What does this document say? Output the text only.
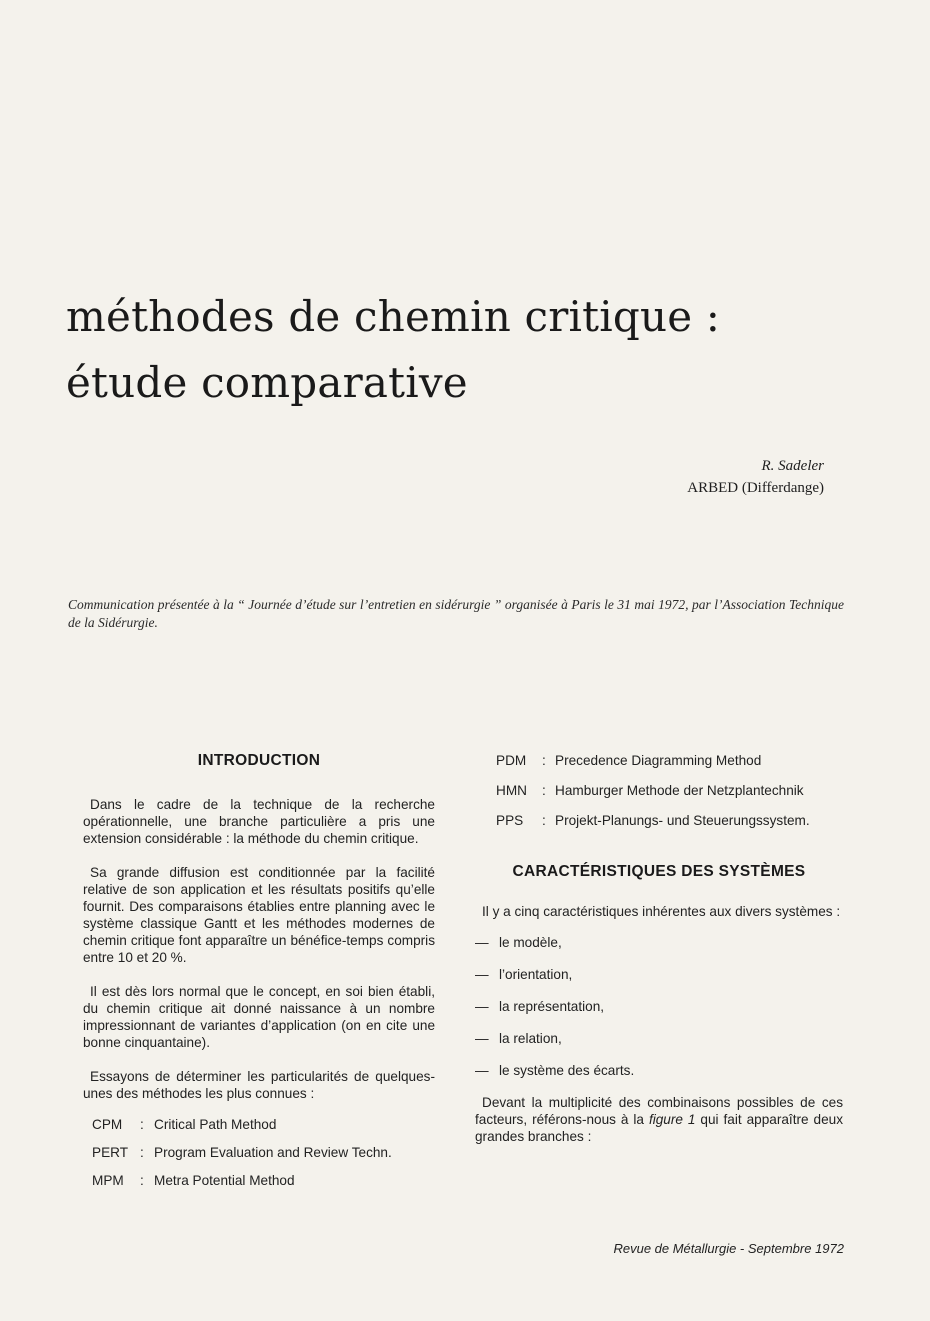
méthodes de chemin critique :
étude comparative
R. Sadeler
ARBED (Differdange)
Communication présentée à la “ Journée d’étude sur l’entretien en sidérurgie ” organisée à Paris le 31 mai 1972, par l’Association Technique de la Sidérurgie.
INTRODUCTION

Dans le cadre de la technique de la recherche opérationnelle, une branche particulière a pris une extension considérable : la méthode du chemin critique.

Sa grande diffusion est conditionnée par la facilité relative de son application et les résultats positifs qu’elle fournit. Des comparaisons établies entre planning avec le système classique Gantt et les méthodes modernes de chemin critique font apparaître un bénéfice-temps compris entre 10 et 20 %.

Il est dès lors normal que le concept, en soi bien établi, du chemin critique ait donné naissance à un nombre impressionnant de variantes d’application (on en cite une bonne cinquantaine).

Essayons de déterminer les particularités de quelques-unes des méthodes les plus connues :

CPM	: Critical Path Method
PERT : Program Evaluation and Review Techn.
MPM	: Metra Potential Method
PDM	: Precedence Diagramming Method
HMN	: Hamburger Methode der Netzplantechnik
PPS	: Projekt-Planungs- und Steuerungssystem.
CARACTÉRISTIQUES DES SYSTÈMES

Il y a cinq caractéristiques inhérentes aux divers systèmes :

— le modèle,
— l’orientation,
— la représentation,
— la relation,
— le système des écarts.

Devant la multiplicité des combinaisons possibles de ces facteurs, référons-nous à la figure 1 qui fait apparaître deux grandes branches :

Revue de Métallurgie - Septembre 1972
